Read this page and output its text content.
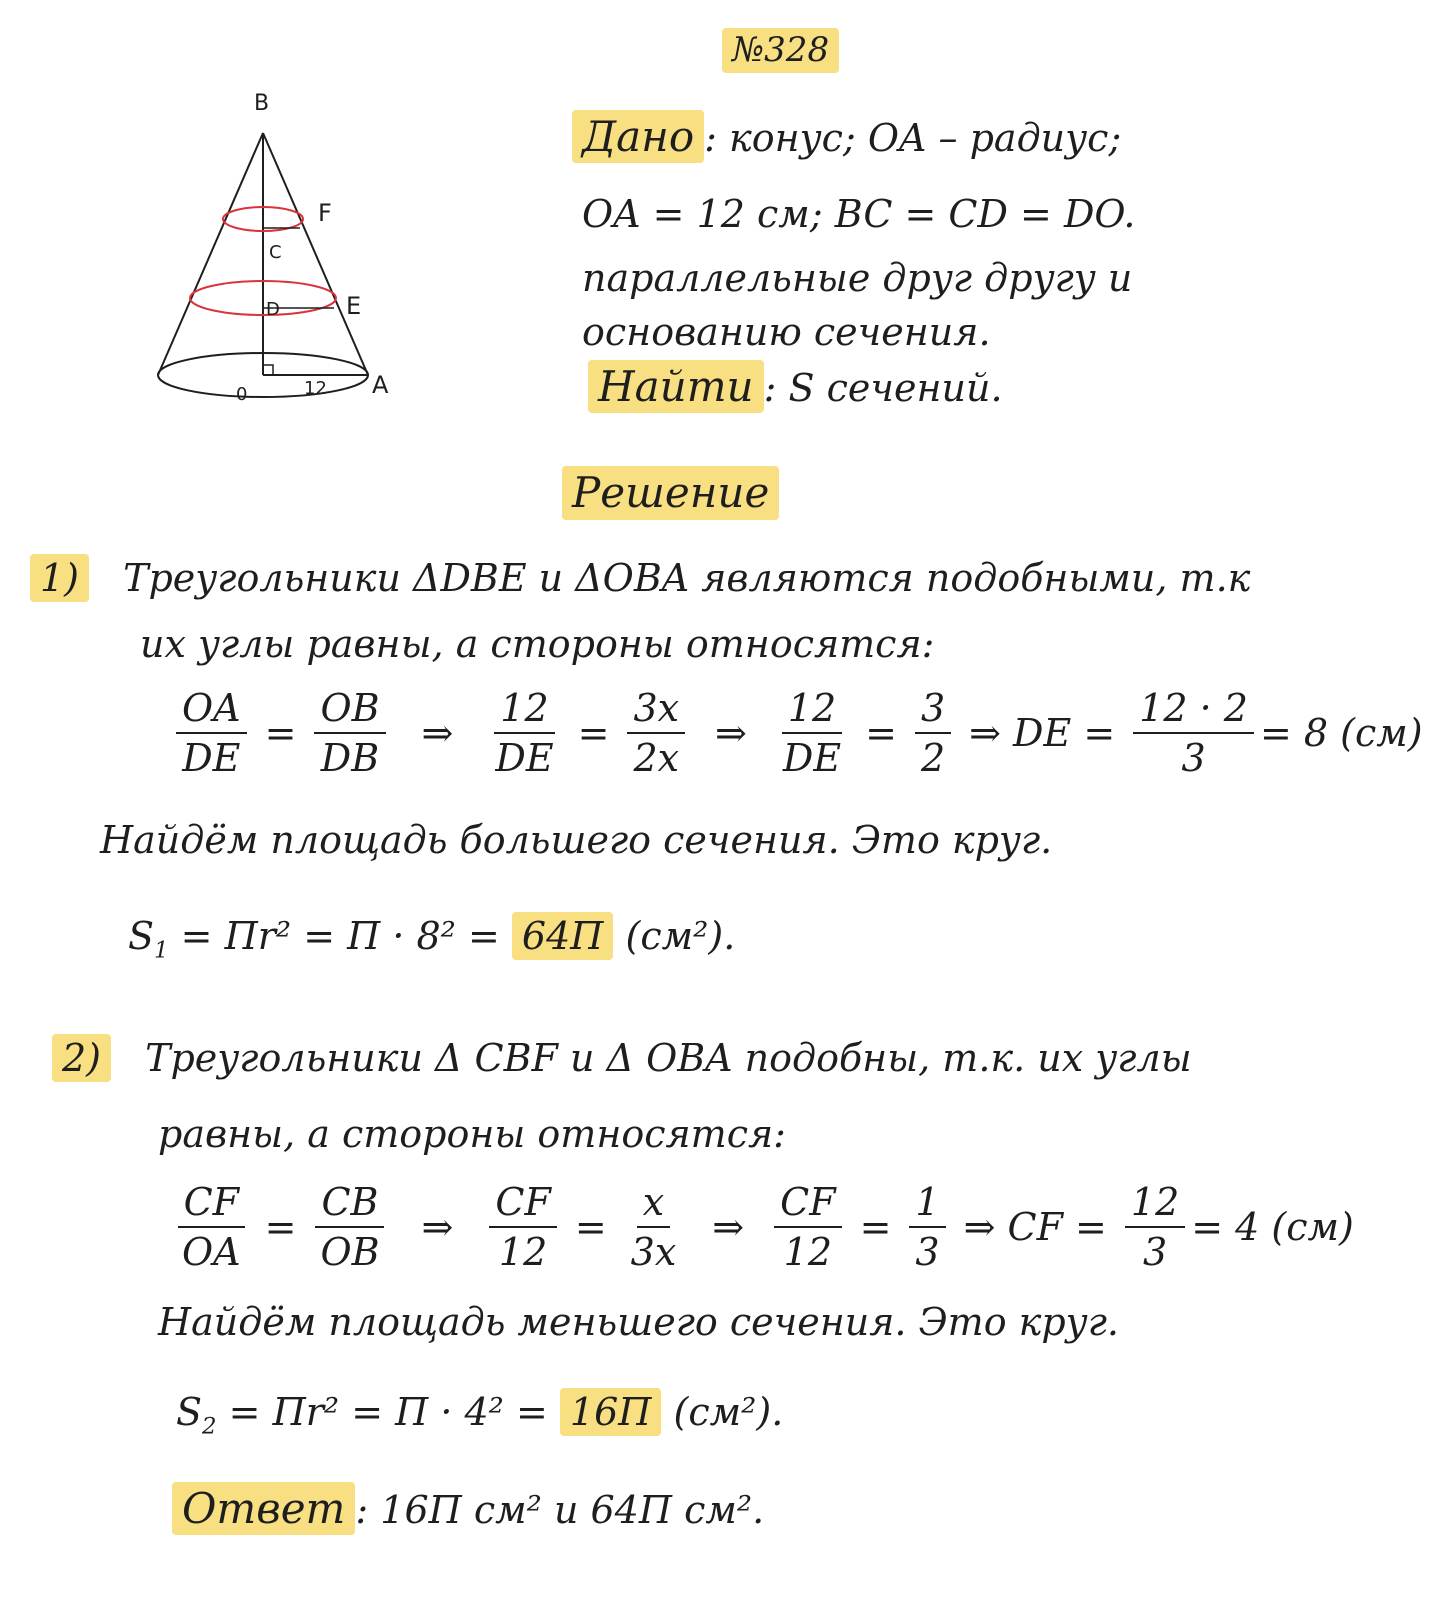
№328
B
F
C
D	E
0	12 A
Дано : конус; OA – радиус;
OA = 12 см; BC = CD = DO.
параллельные друг другу и
основанию сечения.
Найти : S сечений.
Решение
1) Треугольники ΔDBE и ΔOBA являются подобными, т.к
их углы равны, а стороны относятся:
$\frac{OA}{DE} = \frac{OB}{DB}$ ⇒ $\frac{12}{DE} = \frac{3x}{2x}$ ⇒ $\frac{12}{DE} = \frac{3}{2}$ ⇒ DE = $\frac{12 \cdot 2}{3} = 8$ (см)
Найдём площадь большего сечения. Это круг.
$S_1 = \Pi r^2 = \Pi \cdot 8^2 = 64\Pi$ (см²).
2) Треугольники Δ CBF и Δ OBA подобны, т.к. их углы
равны, а стороны относятся:
$\frac{CF}{OA} = \frac{CB}{OB}$ ⇒ $\frac{CF}{12} = \frac{x}{3x}$ ⇒ $\frac{CF}{12} = \frac{1}{3}$ ⇒ CF = $\frac{12}{3} = 4$ (см)
Найдём площадь меньшего сечения. Это круг.
$S_2 = \Pi r^2 = \Pi \cdot 4^2 = 16\Pi$ (см²).
Ответ : 16Π см² и 64Π см².
